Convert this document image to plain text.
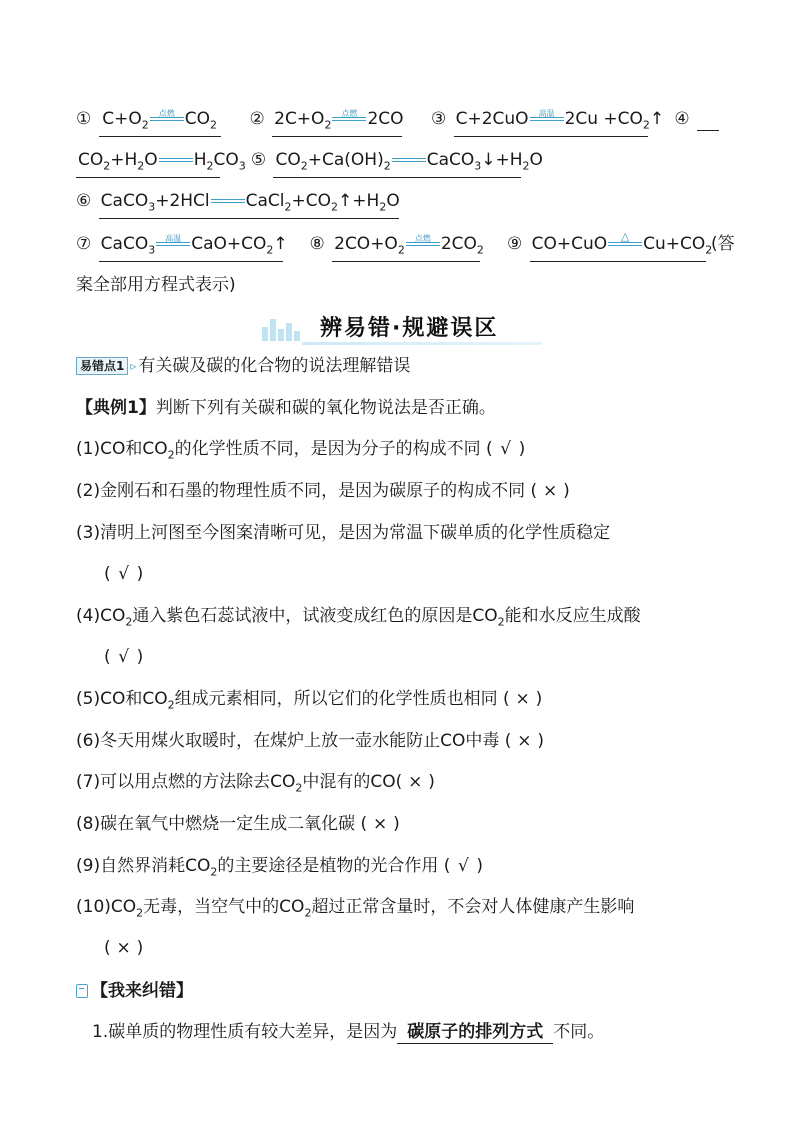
① $C+O_2$
点燃 $CO_2$ ② $2C+O_2$
点燃 2CO ③ C+2CuO	高温 $2Cu +CO_2↑$ ④
$CO_2+H_2O$ $H_2CO_3$ ⑤ $CO_2+Ca(OH)_2$ $CaCO_3↓+H_2O$
⑥ CaCO$_3$+2HCl $CaCl_2+CO_2↑+H_2O$
⑦ CaCO$_3$
高温 $CaO+CO_2↑$ ⑧ $2CO+O_2$
点燃 $2CO_2$ ⑨ CO+CuO	△ $Cu+CO_2$ (答
案全部用方程式表示)
辨易错·规避误区
易错点1 ▹ 有关碳及碳的化合物的说法理解错误
【典例1】判断下列有关碳和碳的氧化物说法是否正确。
(1)CO和$CO_2$的化学性质不同，是因为分子的构成不同 ( √ )
(2)金刚石和石墨的物理性质不同，是因为碳原子的构成不同 ( × )
(3)清明上河图至今图案清晰可见，是因为常温下碳单质的化学性质稳定
( √ )
$(4)CO_2$通入紫色石蕊试液中，试液变成红色的原因是$CO_2$能和水反应生成酸
( √ )
(5)CO和$CO_2$组成元素相同，所以它们的化学性质也相同 ( × )
(6)冬天用煤火取暖时，在煤炉上放一壶水能防止CO中毒 ( × )
(7)可以用点燃的方法除去$CO_2$中混有的CO( × )
(8)碳在氧气中燃烧一定生成二氧化碳 ( × )
(9)自然界消耗$CO_2$的主要途径是植物的光合作用 ( √ )
$(10)CO_2$无毒，当空气中的$CO_2$超过正常含量时，不会对人体健康产生影响
( × )
【我来纠错】
1.碳单质的物理性质有较大差异，是因为 碳原子的排列方式 不同。
